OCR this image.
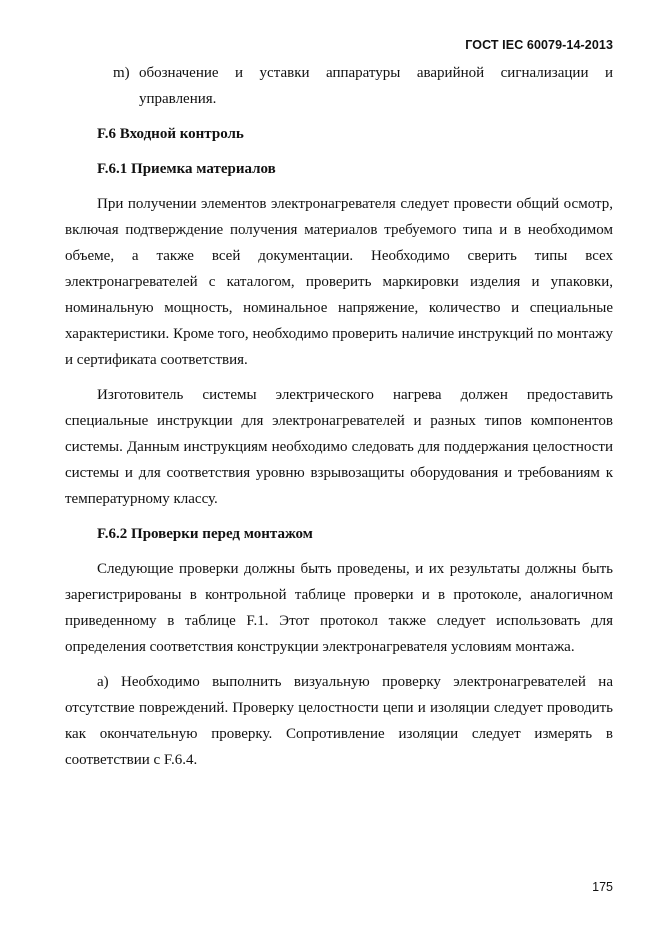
ГОСТ IEC 60079-14-2013
m) обозначение и уставки аппаратуры аварийной сигнализации и управления.
F.6 Входной контроль
F.6.1 Приемка материалов

При получении элементов электронагревателя следует провести общий осмотр, включая подтверждение получения материалов требуемого типа и в необходимом объеме, а также всей документации. Необходимо сверить типы всех электронагревателей с каталогом, проверить маркировки изделия и упаковки, номинальную мощность, номинальное напряжение, количество и специальные характеристики. Кроме того, необходимо проверить наличие инструкций по монтажу и сертификата соответствия.

Изготовитель системы электрического нагрева должен предоставить специальные инструкции для электронагревателей и разных типов компонентов системы. Данным инструкциям необходимо следовать для поддержания целостности системы и для соответствия уровню взрывозащиты оборудования и требованиям к температурному классу.

F.6.2 Проверки перед монтажом

Следующие проверки должны быть проведены, и их результаты должны быть зарегистрированы в контрольной таблице проверки и в протоколе, аналогичном приведенному в таблице F.1. Этот протокол также следует использовать для определения соответствия конструкции электронагревателя условиям монтажа.

а) Необходимо выполнить визуальную проверку электронагревателей на отсутствие повреждений. Проверку целостности цепи и изоляции следует проводить как окончательную проверку. Сопротивление изоляции следует измерять в соответствии с F.6.4.

175
